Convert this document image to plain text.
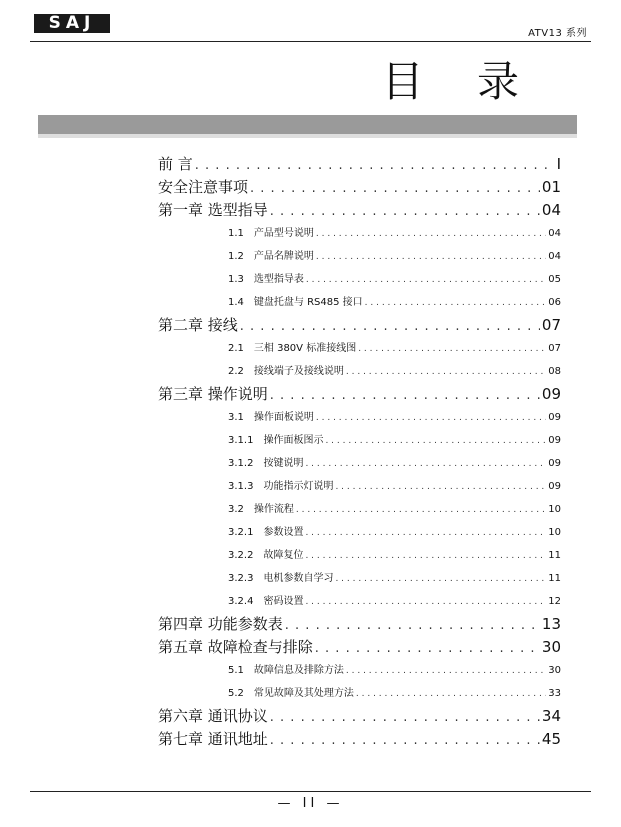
SAJ
ATV13 系列
目 录
前 言 . . .	I
安全注意事项 . . .	01
第一章 选型指导 . . .	04
1.1 产品型号说明 . . .	04
1.2 产品名牌说明 . . .	04
1.3 选型指导表 . . .	05
1.4 键盘托盘与 RS485 接口 . . .	06
第二章 接线 . . .	07
2.1 三相 380V 标准接线图 . . .	07
2.2 接线端子及接线说明 . . .	08
第三章 操作说明 . . .	09
3.1 操作面板说明 . . .	09
3.1.1 操作面板图示 . . .	09
3.1.2 按键说明 . . .	09
3.1.3 功能指示灯说明 . . .	09
3.2 操作流程 . . .	10
3.2.1 参数设置 . . .	10
3.2.2 故障复位 . . .	11
3.2.3 电机参数自学习 . . .	11
3.2.4 密码设置 . . .	12
第四章 功能参数表 . . .	13
第五章 故障检查与排除 . . .	30
5.1 故障信息及排除方法 . . .	30
5.2 常见故障及其处理方法 . . .	33
第六章 通讯协议 . . .	34
第七章 通讯地址 . . .	45
— II —
